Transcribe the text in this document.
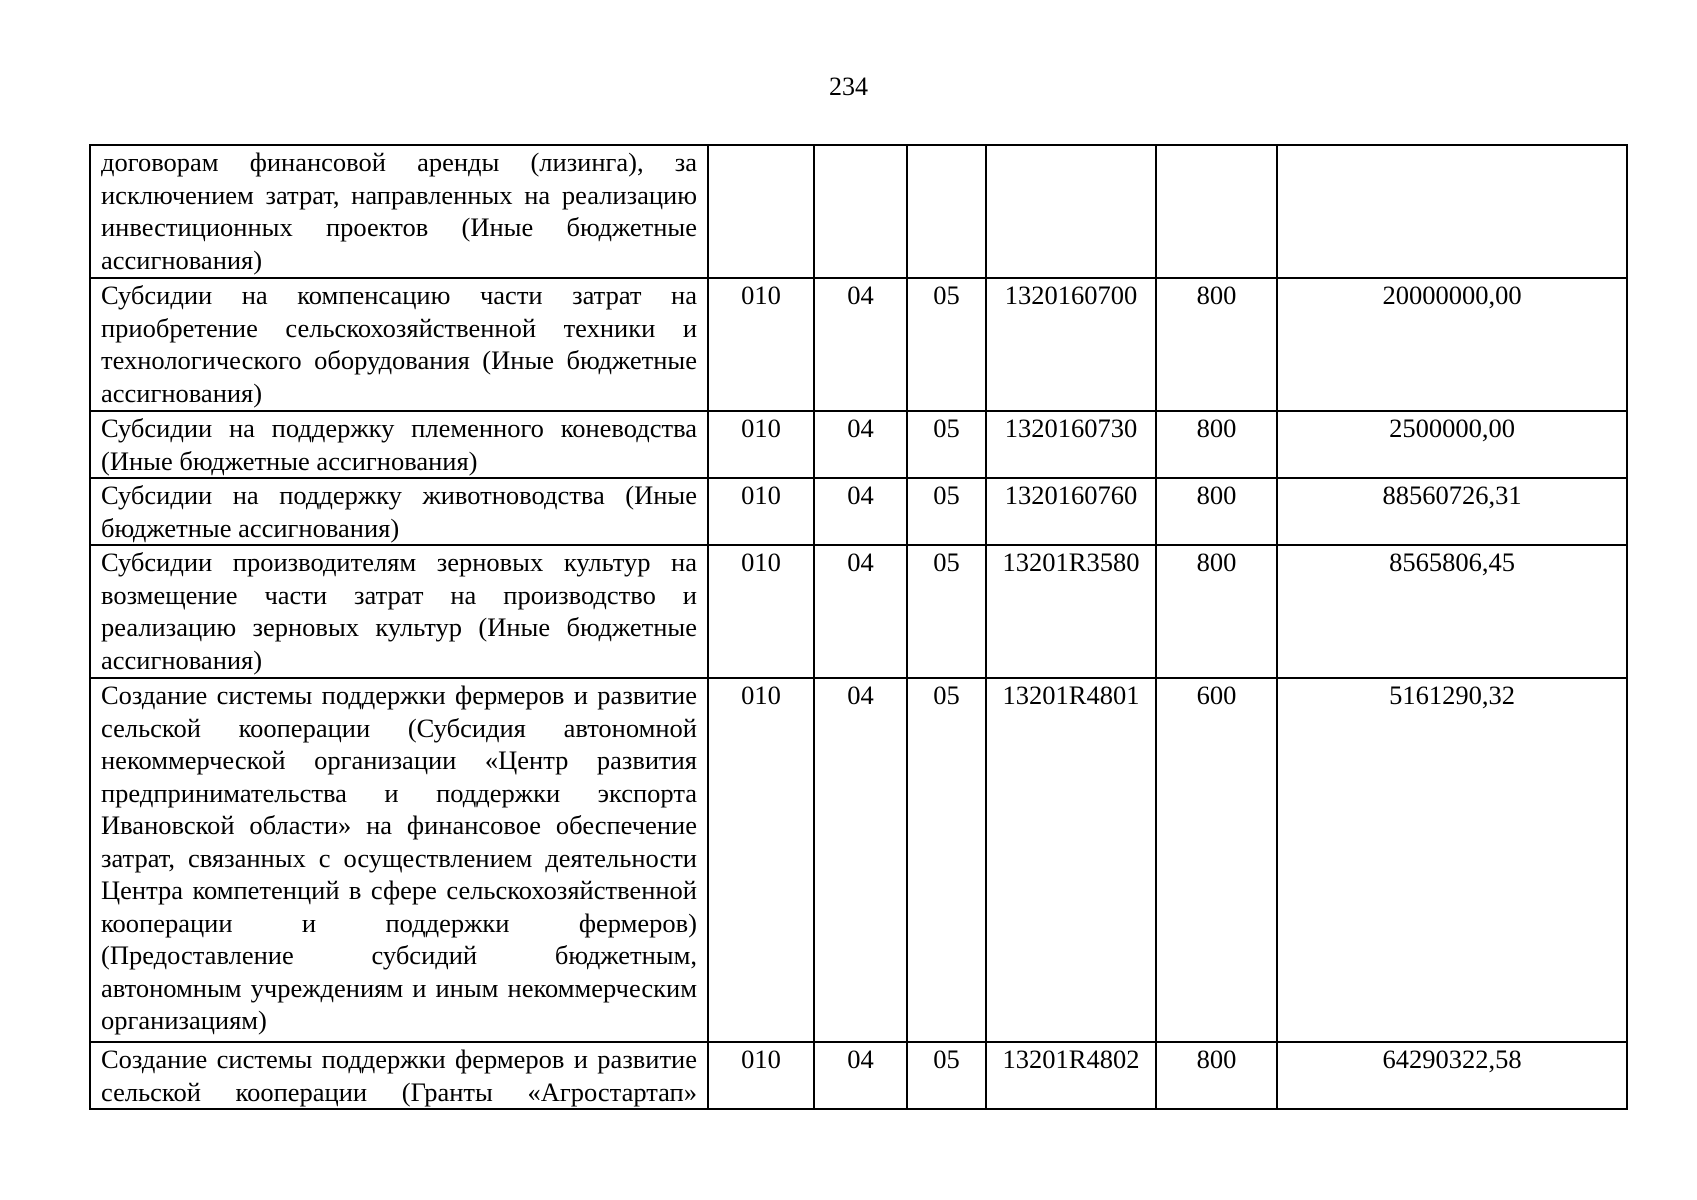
234
договорам финансовой аренды (лизинга), за исключением затрат, направленных на реализацию инвестиционных проектов (Иные бюджетные ассигнования)						
Субсидии на компенсацию части затрат на приобретение сельскохозяйственной техники и технологического оборудования (Иные бюджетные ассигнования)	010	04	05	1320160700	800	20000000,00
Субсидии на поддержку племенного коневодства (Иные бюджетные ассигнования)	010	04	05	1320160730	800	2500000,00
Субсидии на поддержку животноводства (Иные бюджетные ассигнования)	010	04	05	1320160760	800	88560726,31
Субсидии производителям зерновых культур на возмещение части затрат на производство и реализацию зерновых культур (Иные бюджетные ассигнования)	010	04	05	13201R3580	800	8565806,45
Создание системы поддержки фермеров и развитие сельской кооперации (Субсидия автономной некоммерческой организации «Центр развития предпринимательства и поддержки экспорта Ивановской области» на финансовое обеспечение затрат, связанных с осуществлением деятельности Центра компетенций в сфере сельскохозяйственной кооперации и поддержки фермеров) (Предоставление субсидий бюджетным, автономным учреждениям и иным некоммерческим организациям)	010	04	05	13201R4801	600	5161290,32
Создание системы поддержки фермеров и развитие сельской кооперации (Гранты «Агростартап»	010	04	05	13201R4802	800	64290322,58
